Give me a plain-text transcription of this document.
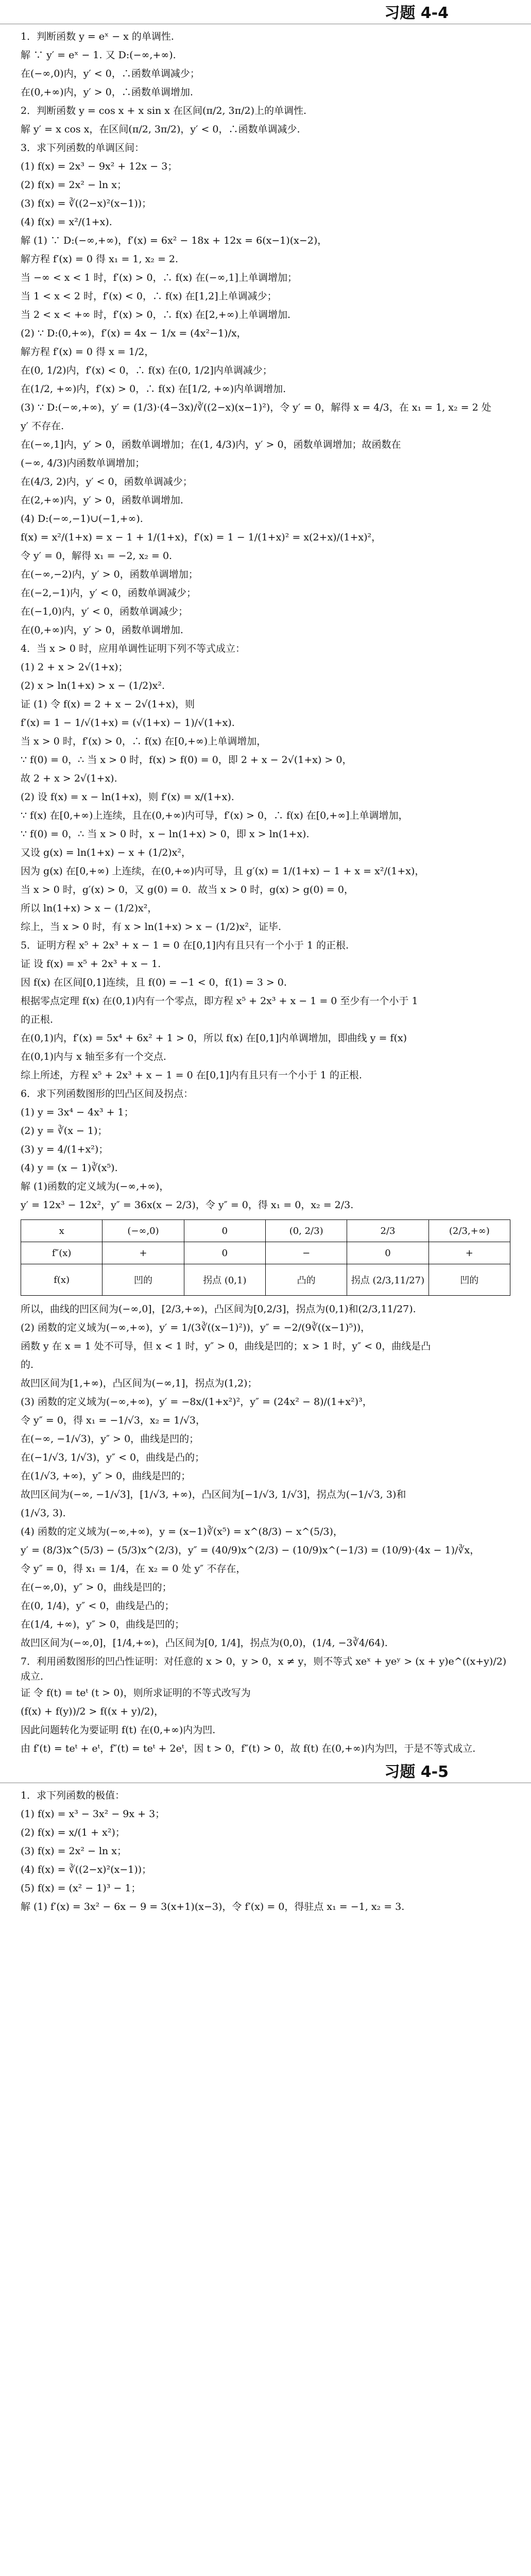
习题 4-4
1．判断函数 y = eˣ − x 的单调性.
解 ∵ y′ = eˣ − 1. 又 D:(−∞,+∞).
在(−∞,0)内，y′ < 0，∴函数单调减少；
在(0,+∞)内，y′ > 0，∴函数单调增加.
2．判断函数 y = cos x + x sin x 在区间(π/2, 3π/2)上的单调性.
解 y′ = x cos x，在区间(π/2, 3π/2)，y′ < 0，∴函数单调减少.
3．求下列函数的单调区间：
(1) f(x) = 2x³ − 9x² + 12x − 3；
(2) f(x) = 2x² − ln x；
(3) f(x) = ∛((2−x)²(x−1))；
(4) f(x) = x²/(1+x).
解 (1) ∵ D:(−∞,+∞)，f′(x) = 6x² − 18x + 12x = 6(x−1)(x−2)，
解方程 f′(x) = 0 得 x₁ = 1, x₂ = 2.
当 −∞ < x < 1 时，f′(x) > 0，∴ f(x) 在(−∞,1]上单调增加；
当 1 < x < 2 时，f′(x) < 0，∴ f(x) 在[1,2]上单调减少；
当 2 < x < +∞ 时，f′(x) > 0，∴ f(x) 在[2,+∞)上单调增加.
(2) ∵ D:(0,+∞)，f′(x) = 4x − 1/x = (4x²−1)/x，
解方程 f′(x) = 0 得 x = 1/2，
在(0, 1/2)内，f′(x) < 0，∴ f(x) 在(0, 1/2]内单调减少；
在(1/2, +∞)内，f′(x) > 0，∴ f(x) 在[1/2, +∞)内单调增加.
(3) ∵ D:(−∞,+∞)，y′ = (1/3)·(4−3x)/∛((2−x)(x−1)²)，令 y′ = 0，解得 x = 4/3，在 x₁ = 1, x₂ = 2 处
y′ 不存在.
在(−∞,1]内，y′ > 0，函数单调增加；在(1, 4/3)内，y′ > 0，函数单调增加；故函数在
(−∞, 4/3)内函数单调增加；
在(4/3, 2)内，y′ < 0，函数单调减少；
在(2,+∞)内，y′ > 0，函数单调增加.
(4) D:(−∞,−1)∪(−1,+∞).
f(x) = x²/(1+x) = x − 1 + 1/(1+x)，f′(x) = 1 − 1/(1+x)² = x(2+x)/(1+x)²，
令 y′ = 0，解得 x₁ = −2, x₂ = 0.
在(−∞,−2)内，y′ > 0，函数单调增加；
在(−2,−1)内，y′ < 0，函数单调减少；
在(−1,0)内，y′ < 0，函数单调减少；
在(0,+∞)内，y′ > 0，函数单调增加.
4．当 x > 0 时，应用单调性证明下列不等式成立：
(1) 2 + x > 2√(1+x)；
(2) x > ln(1+x) > x − (1/2)x².
证 (1) 令 f(x) = 2 + x − 2√(1+x)，则
f′(x) = 1 − 1/√(1+x) = (√(1+x) − 1)/√(1+x).
当 x > 0 时，f′(x) > 0，∴ f(x) 在[0,+∞)上单调增加，
∵ f(0) = 0，∴ 当 x > 0 时，f(x) > f(0) = 0，即 2 + x − 2√(1+x) > 0，
故 2 + x > 2√(1+x).
(2) 设 f(x) = x − ln(1+x)，则 f′(x) = x/(1+x).
∵ f(x) 在[0,+∞)上连续，且在(0,+∞)内可导，f′(x) > 0，∴ f(x) 在[0,+∞]上单调增加，
∵ f(0) = 0，∴ 当 x > 0 时，x − ln(1+x) > 0，即 x > ln(1+x).
又设 g(x) = ln(1+x) − x + (1/2)x²，
因为 g(x) 在[0,+∞) 上连续，在(0,+∞)内可导，且 g′(x) = 1/(1+x) − 1 + x = x²/(1+x)，
当 x > 0 时，g′(x) > 0，又 g(0) = 0．故当 x > 0 时，g(x) > g(0) = 0，
所以 ln(1+x) > x − (1/2)x²，
综上，当 x > 0 时，有 x > ln(1+x) > x − (1/2)x²，证毕.
5．证明方程 x⁵ + 2x³ + x − 1 = 0 在[0,1]内有且只有一个小于 1 的正根.
证 设 f(x) = x⁵ + 2x³ + x − 1.
因 f(x) 在区间[0,1]连续，且 f(0) = −1 < 0，f(1) = 3 > 0.
根据零点定理 f(x) 在(0,1)内有一个零点，即方程 x⁵ + 2x³ + x − 1 = 0 至少有一个小于 1
的正根.
在(0,1)内，f′(x) = 5x⁴ + 6x² + 1 > 0，所以 f(x) 在[0,1]内单调增加，即曲线 y = f(x)
在(0,1)内与 x 轴至多有一个交点.
综上所述，方程 x⁵ + 2x³ + x − 1 = 0 在[0,1]内有且只有一个小于 1 的正根.
6．求下列函数图形的凹凸区间及拐点：
(1) y = 3x⁴ − 4x³ + 1；
(2) y = ∛(x − 1)；
(3) y = 4/(1+x²)；
(4) y = (x − 1)∛(x⁵).
解 (1)函数的定义域为(−∞,+∞)，
y′ = 12x³ − 12x²，y″ = 36x(x − 2/3)，令 y″ = 0，得 x₁ = 0，x₂ = 2/3.
x	(−∞,0)	0	(0, 2/3)	2/3	(2/3,+∞)
f″(x)	+	0	−	0	+
f(x)	凹的	拐点 (0,1)	凸的	拐点 (2/3,11/27)	凹的
所以，曲线的凹区间为(−∞,0]，[2/3,+∞)，凸区间为[0,2/3]，拐点为(0,1)和(2/3,11/27).
(2) 函数的定义域为(−∞,+∞)，y′ = 1/(3∛((x−1)²))，y″ = −2/(9∛((x−1)⁵))，
函数 y 在 x = 1 处不可导，但 x < 1 时，y″ > 0，曲线是凹的；x > 1 时，y″ < 0，曲线是凸
的.
故凹区间为[1,+∞)，凸区间为(−∞,1]，拐点为(1,2)；
(3) 函数的定义域为(−∞,+∞)，y′ = −8x/(1+x²)²，y″ = (24x² − 8)/(1+x²)³，
令 y″ = 0，得 x₁ = −1/√3，x₂ = 1/√3，
在(−∞, −1/√3)，y″ > 0，曲线是凹的；
在(−1/√3, 1/√3)，y″ < 0，曲线是凸的；
在(1/√3, +∞)，y″ > 0，曲线是凹的；
故凹区间为(−∞, −1/√3]，[1/√3, +∞)，凸区间为[−1/√3, 1/√3]，拐点为(−1/√3, 3)和
(1/√3, 3).
(4) 函数的定义域为(−∞,+∞)，y = (x−1)∛(x⁵) = x^(8/3) − x^(5/3)，
y′ = (8/3)x^(5/3) − (5/3)x^(2/3)，y″ = (40/9)x^(2/3) − (10/9)x^(−1/3) = (10/9)·(4x − 1)/∛x，
令 y″ = 0，得 x₁ = 1/4，在 x₂ = 0 处 y″ 不存在，
在(−∞,0)，y″ > 0，曲线是凹的；
在(0, 1/4)，y″ < 0，曲线是凸的；
在(1/4, +∞)，y″ > 0，曲线是凹的；
故凹区间为(−∞,0]，[1/4,+∞)，凸区间为[0, 1/4]，拐点为(0,0)，(1/4, −3∛4/64).
7．利用函数图形的凹凸性证明：对任意的 x > 0，y > 0，x ≠ y，则不等式 xeˣ + yeʸ > (x + y)e^((x+y)/2) 成立.
证 令 f(t) = teᵗ (t > 0)，则所求证明的不等式改写为
(f(x) + f(y))/2 > f((x + y)/2)，
因此问题转化为要证明 f(t) 在(0,+∞)内为凹.
由 f′(t) = teᵗ + eᵗ，f″(t) = teᵗ + 2eᵗ，因 t > 0，f″(t) > 0，故 f(t) 在(0,+∞)内为凹，于是不等式成立.
习题 4-5
1．求下列函数的极值：
(1) f(x) = x³ − 3x² − 9x + 3；
(2) f(x) = x/(1 + x²)；
(3) f(x) = 2x² − ln x；
(4) f(x) = ∛((2−x)²(x−1))；
(5) f(x) = (x² − 1)³ − 1；
解 (1) f′(x) = 3x² − 6x − 9 = 3(x+1)(x−3)，令 f′(x) = 0，得驻点 x₁ = −1, x₂ = 3.
